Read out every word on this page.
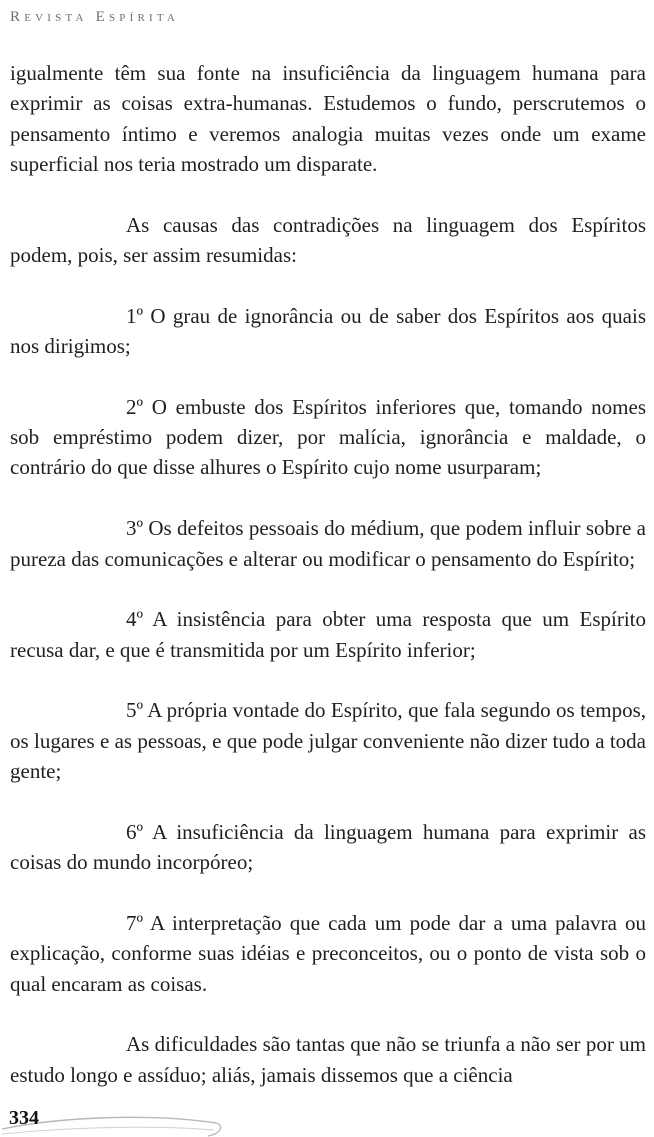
Revista Espírita

igualmente têm sua fonte na insuficiência da linguagem humana para exprimir as coisas extra-humanas. Estudemos o fundo, perscrutemos o pensamento íntimo e veremos analogia muitas vezes onde um exame superficial nos teria mostrado um disparate.

As causas das contradições na linguagem dos Espíritos podem, pois, ser assim resumidas:

1º O grau de ignorância ou de saber dos Espíritos aos quais nos dirigimos;

2º O embuste dos Espíritos inferiores que, tomando nomes sob empréstimo podem dizer, por malícia, ignorância e maldade, o contrário do que disse alhures o Espírito cujo nome usurparam;

3º Os defeitos pessoais do médium, que podem influir sobre a pureza das comunicações e alterar ou modificar o pensamento do Espírito;

4º A insistência para obter uma resposta que um Espírito recusa dar, e que é transmitida por um Espírito inferior;

5º A própria vontade do Espírito, que fala segundo os tempos, os lugares e as pessoas, e que pode julgar conveniente não dizer tudo a toda gente;

6º A insuficiência da linguagem humana para exprimir as coisas do mundo incorpóreo;

7º A interpretação que cada um pode dar a uma palavra ou explicação, conforme suas idéias e preconceitos, ou o ponto de vista sob o qual encaram as coisas.

As dificuldades são tantas que não se triunfa a não ser por um estudo longo e assíduo; aliás, jamais dissemos que a ciência

334
